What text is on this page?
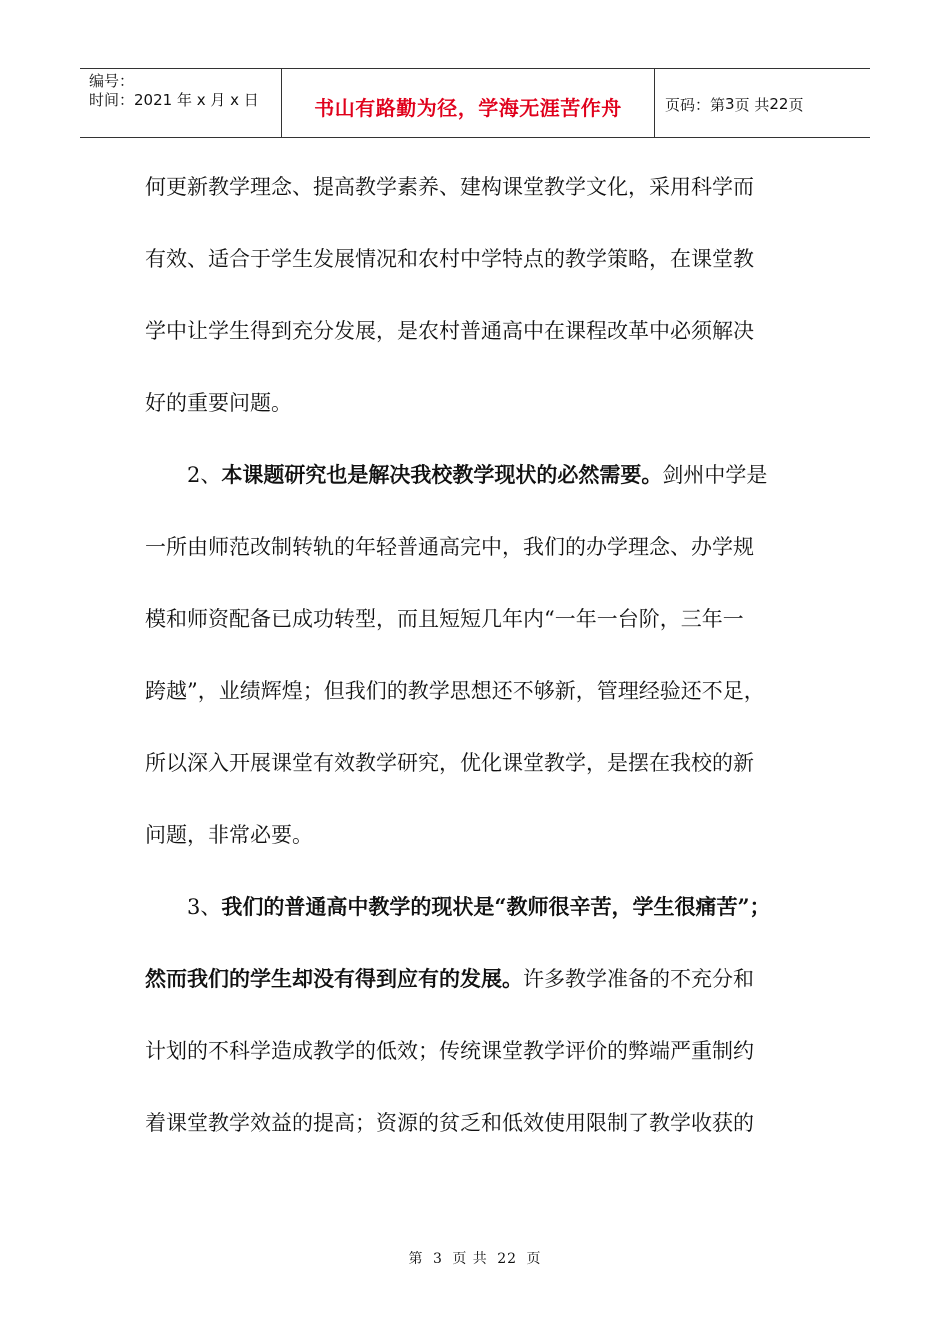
编号：
时间：2021 年 x 月 x 日	书山有路勤为径，学海无涯苦作舟	页码：第 3 页 共 22 页
何更新教学理念、提高教学素养、建构课堂教学文化，采用科学而
有效、适合于学生发展情况和农村中学特点的教学策略，在课堂教
学中让学生得到充分发展，是农村普通高中在课程改革中必须解决
好的重要问题。
2、本课题研究也是解决我校教学现状的必然需要。剑州中学是
一所由师范改制转轨的年轻普通高完中，我们的办学理念、办学规
模和师资配备已成功转型，而且短短几年内“一年一台阶，三年一
跨越”，业绩辉煌；但我们的教学思想还不够新，管理经验还不足，
所以深入开展课堂有效教学研究，优化课堂教学，是摆在我校的新
问题，非常必要。
3、我们的普通高中教学的现状是“教师很辛苦，学生很痛苦”；
然而我们的学生却没有得到应有的发展。许多教学准备的不充分和
计划的不科学造成教学的低效；传统课堂教学评价的弊端严重制约
着课堂教学效益的提高；资源的贫乏和低效使用限制了教学收获的
第 3 页 共 22 页
